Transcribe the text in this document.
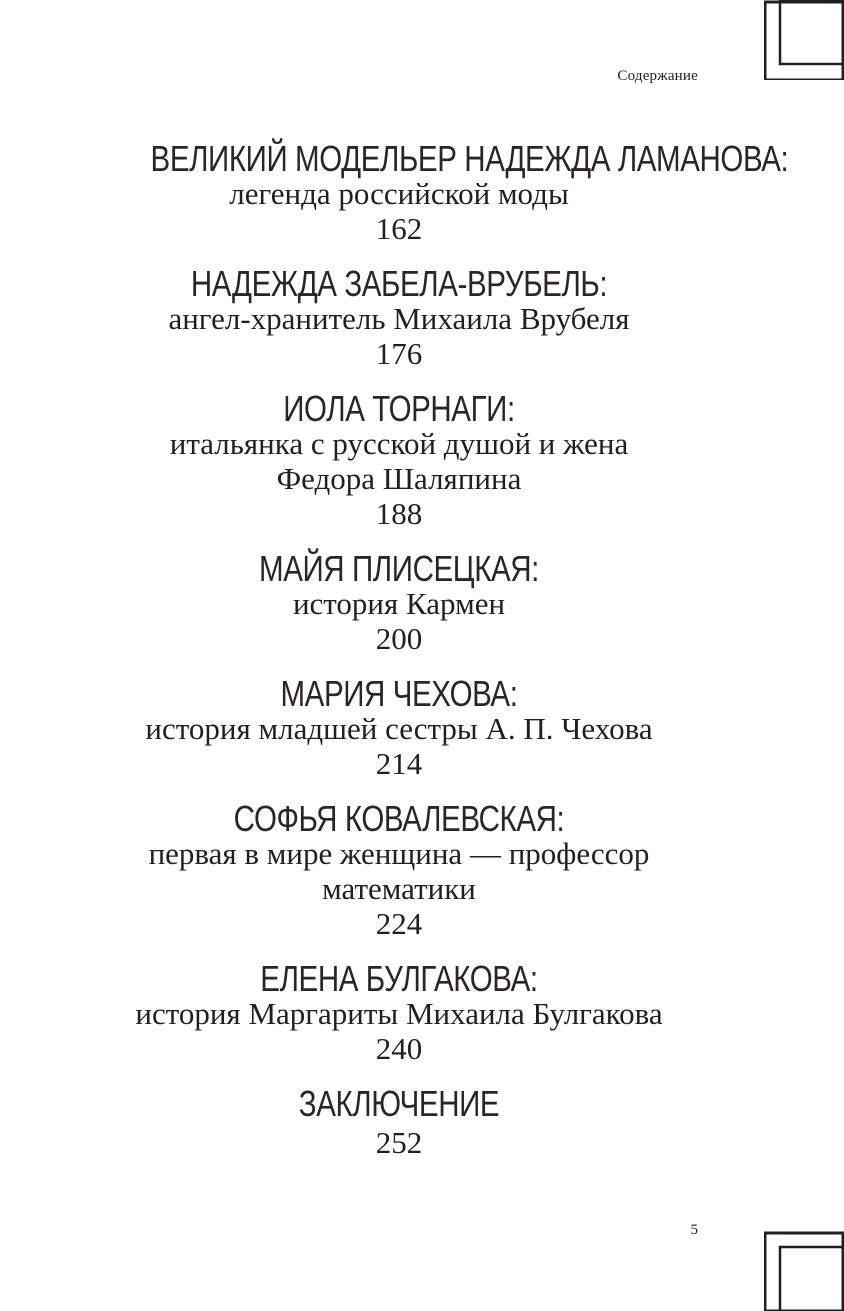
Содержание
ВЕЛИКИЙ МОДЕЛЬЕР НАДЕЖДА ЛАМАНОВА:
легенда российской моды
162
НАДЕЖДА ЗАБЕЛА-ВРУБЕЛЬ:
ангел-хранитель Михаила Врубеля
176
ИОЛА ТОРНАГИ:
итальянка с русской душой и жена Федора Шаляпина
188
МАЙЯ ПЛИСЕЦКАЯ:
история Кармен
200
МАРИЯ ЧЕХОВА:
история младшей сестры А. П. Чехова
214
СОФЬЯ КОВАЛЕВСКАЯ:
первая в мире женщина — профессор математики
224
ЕЛЕНА БУЛГАКОВА:
история Маргариты Михаила Булгакова
240
ЗАКЛЮЧЕНИЕ
252
5
